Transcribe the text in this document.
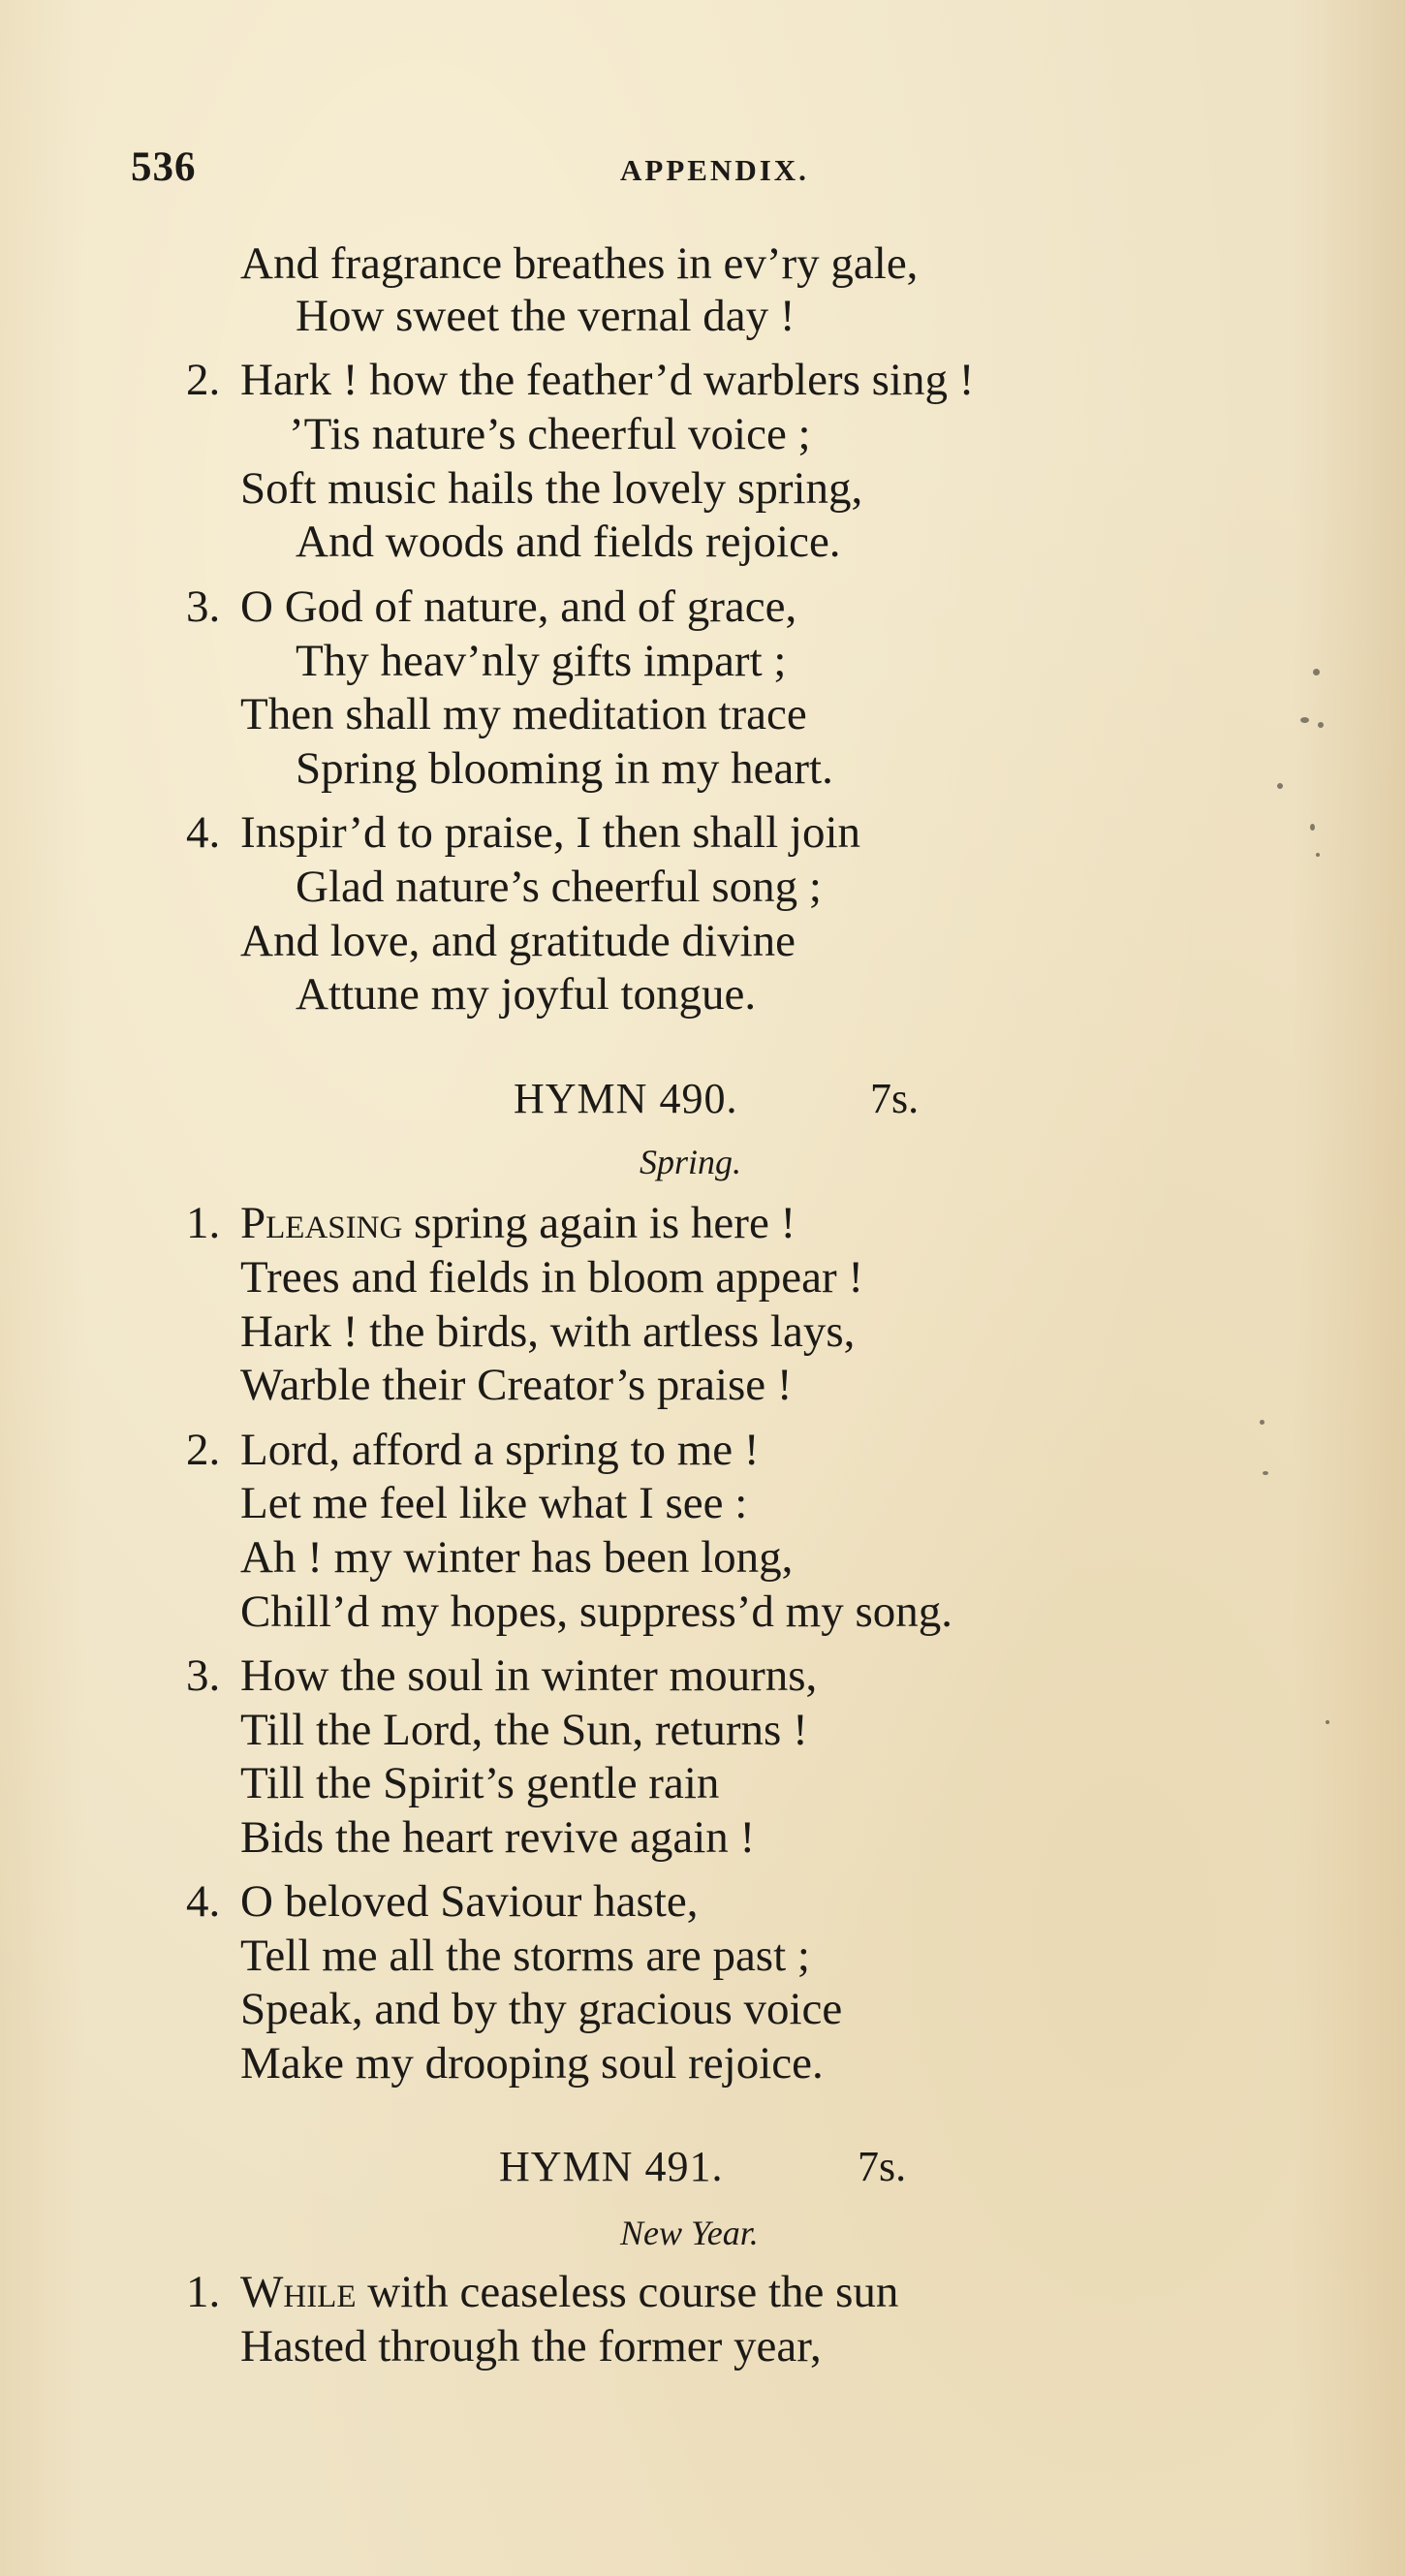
536	APPENDIX.
And fragrance breathes in ev’ry gale,
How sweet the vernal day !
2. Hark ! how the feather’d warblers sing !
’Tis nature’s cheerful voice ;
Soft music hails the lovely spring,
And woods and fields rejoice.
3. O God of nature, and of grace,
Thy heav’nly gifts impart ;
Then shall my meditation trace
Spring blooming in my heart.
4. Inspir’d to praise, I then shall join
Glad nature’s cheerful song ;
And love, and gratitude divine
Attune my joyful tongue.
HYMN 490.	7s.
Spring.
1. Pleasing spring again is here !
Trees and fields in bloom appear !
Hark ! the birds, with artless lays,
Warble their Creator’s praise !
2. Lord, afford a spring to me !
Let me feel like what I see :
Ah ! my winter has been long,
Chill’d my hopes, suppress’d my song.
3. How the soul in winter mourns,
Till the Lord, the Sun, returns !
Till the Spirit’s gentle rain
Bids the heart revive again !
4. O beloved Saviour haste,
Tell me all the storms are past ;
Speak, and by thy gracious voice
Make my drooping soul rejoice.
HYMN 491.	7s.
New Year.
1. While with ceaseless course the sun
Hasted through the former year,
